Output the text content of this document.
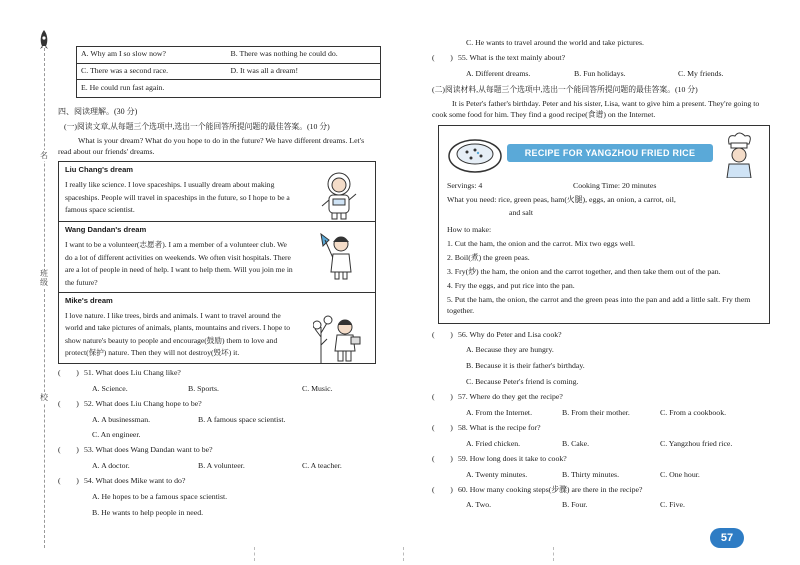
名
班级
校
A. Why am I so slow now?	B. There was nothing he could do.
C. There was a second race.	D. It was all a dream!
E. He could run fast again.
四、阅读理解。(30 分)
(一)阅读文章,从每题三个选项中,选出一个能回答所提问题的最佳答案。(10 分)
What is your dream? What do you hope to do in the future? We have different dreams. Let's read about our friends' dreams.
Liu Chang's dream

I really like science. I love spaceships. I usually dream about making spaceships. People will travel in spaceships in the future, so I hope to be a famous space scientist.

Wang Dandan's dream

I want to be a volunteer(志愿者). I am a member of a volunteer club. We do a lot of different activities on weekends. We often visit hospitals. There are a lot of people in need of help. I want to help them. Will you join me in the future?

Mike's dream

I love nature. I like trees, birds and animals. I want to travel around the world and take pictures of animals, plants, mountains and rivers. I hope to show nature's beauty to people and encourage(鼓励) them to love and protect(保护) nature. Then they will not destroy(毁坏) it.

(　　) 51. What does Liu Chang like?
A. Science.	B. Sports.	C. Music.
(　　) 52. What does Liu Chang hope to be?
A. A businessman.	B. A famous space scientist.
C. An engineer.
(　　) 53. What does Wang Dandan want to be?
A. A doctor.	B. A volunteer.	C. A teacher.
(　　) 54. What does Mike want to do?
A. He hopes to be a famous space scientist.
B. He wants to help people in need.
C. He wants to travel around the world and take pictures.
(　　) 55. What is the text mainly about?
A. Different dreams.	B. Fun holidays.	C. My friends.
(二)阅读材料,从每题三个选项中,选出一个能回答所提问题的最佳答案。(10 分)
It is Peter's father's birthday. Peter and his sister, Lisa, want to give him a present. They're going to cook some food for him. They find a good recipe(食谱) on the Internet.
RECIPE FOR YANGZHOU FRIED RICE
Servings: 4	Cooking Time: 20 minutes
What you need: rice, green peas, ham(火腿), eggs, an onion, a carrot, oil,
and salt
How to make:
1. Cut the ham, the onion and the carrot. Mix two eggs well.
2. Boil(煮) the green peas.
3. Fry(炒) the ham, the onion and the carrot together, and then take them out of the pan.
4. Fry the eggs, and put rice into the pan.
5. Put the ham, the onion, the carrot and the green peas into the pan and add a little salt. Fry them together.
(　　) 56. Why do Peter and Lisa cook?
A. Because they are hungry.
B. Because it is their father's birthday.
C. Because Peter's friend is coming.
(　　) 57. Where do they get the recipe?
A. From the Internet.	B. From their mother.	C. From a cookbook.
(　　) 58. What is the recipe for?
A. Fried chicken.	B. Cake.	C. Yangzhou fried rice.
(　　) 59. How long does it take to cook?
A. Twenty minutes.	B. Thirty minutes.	C. One hour.
(　　) 60. How many cooking steps(步骤) are there in the recipe?
A. Two.	B. Four.	C. Five.
57
